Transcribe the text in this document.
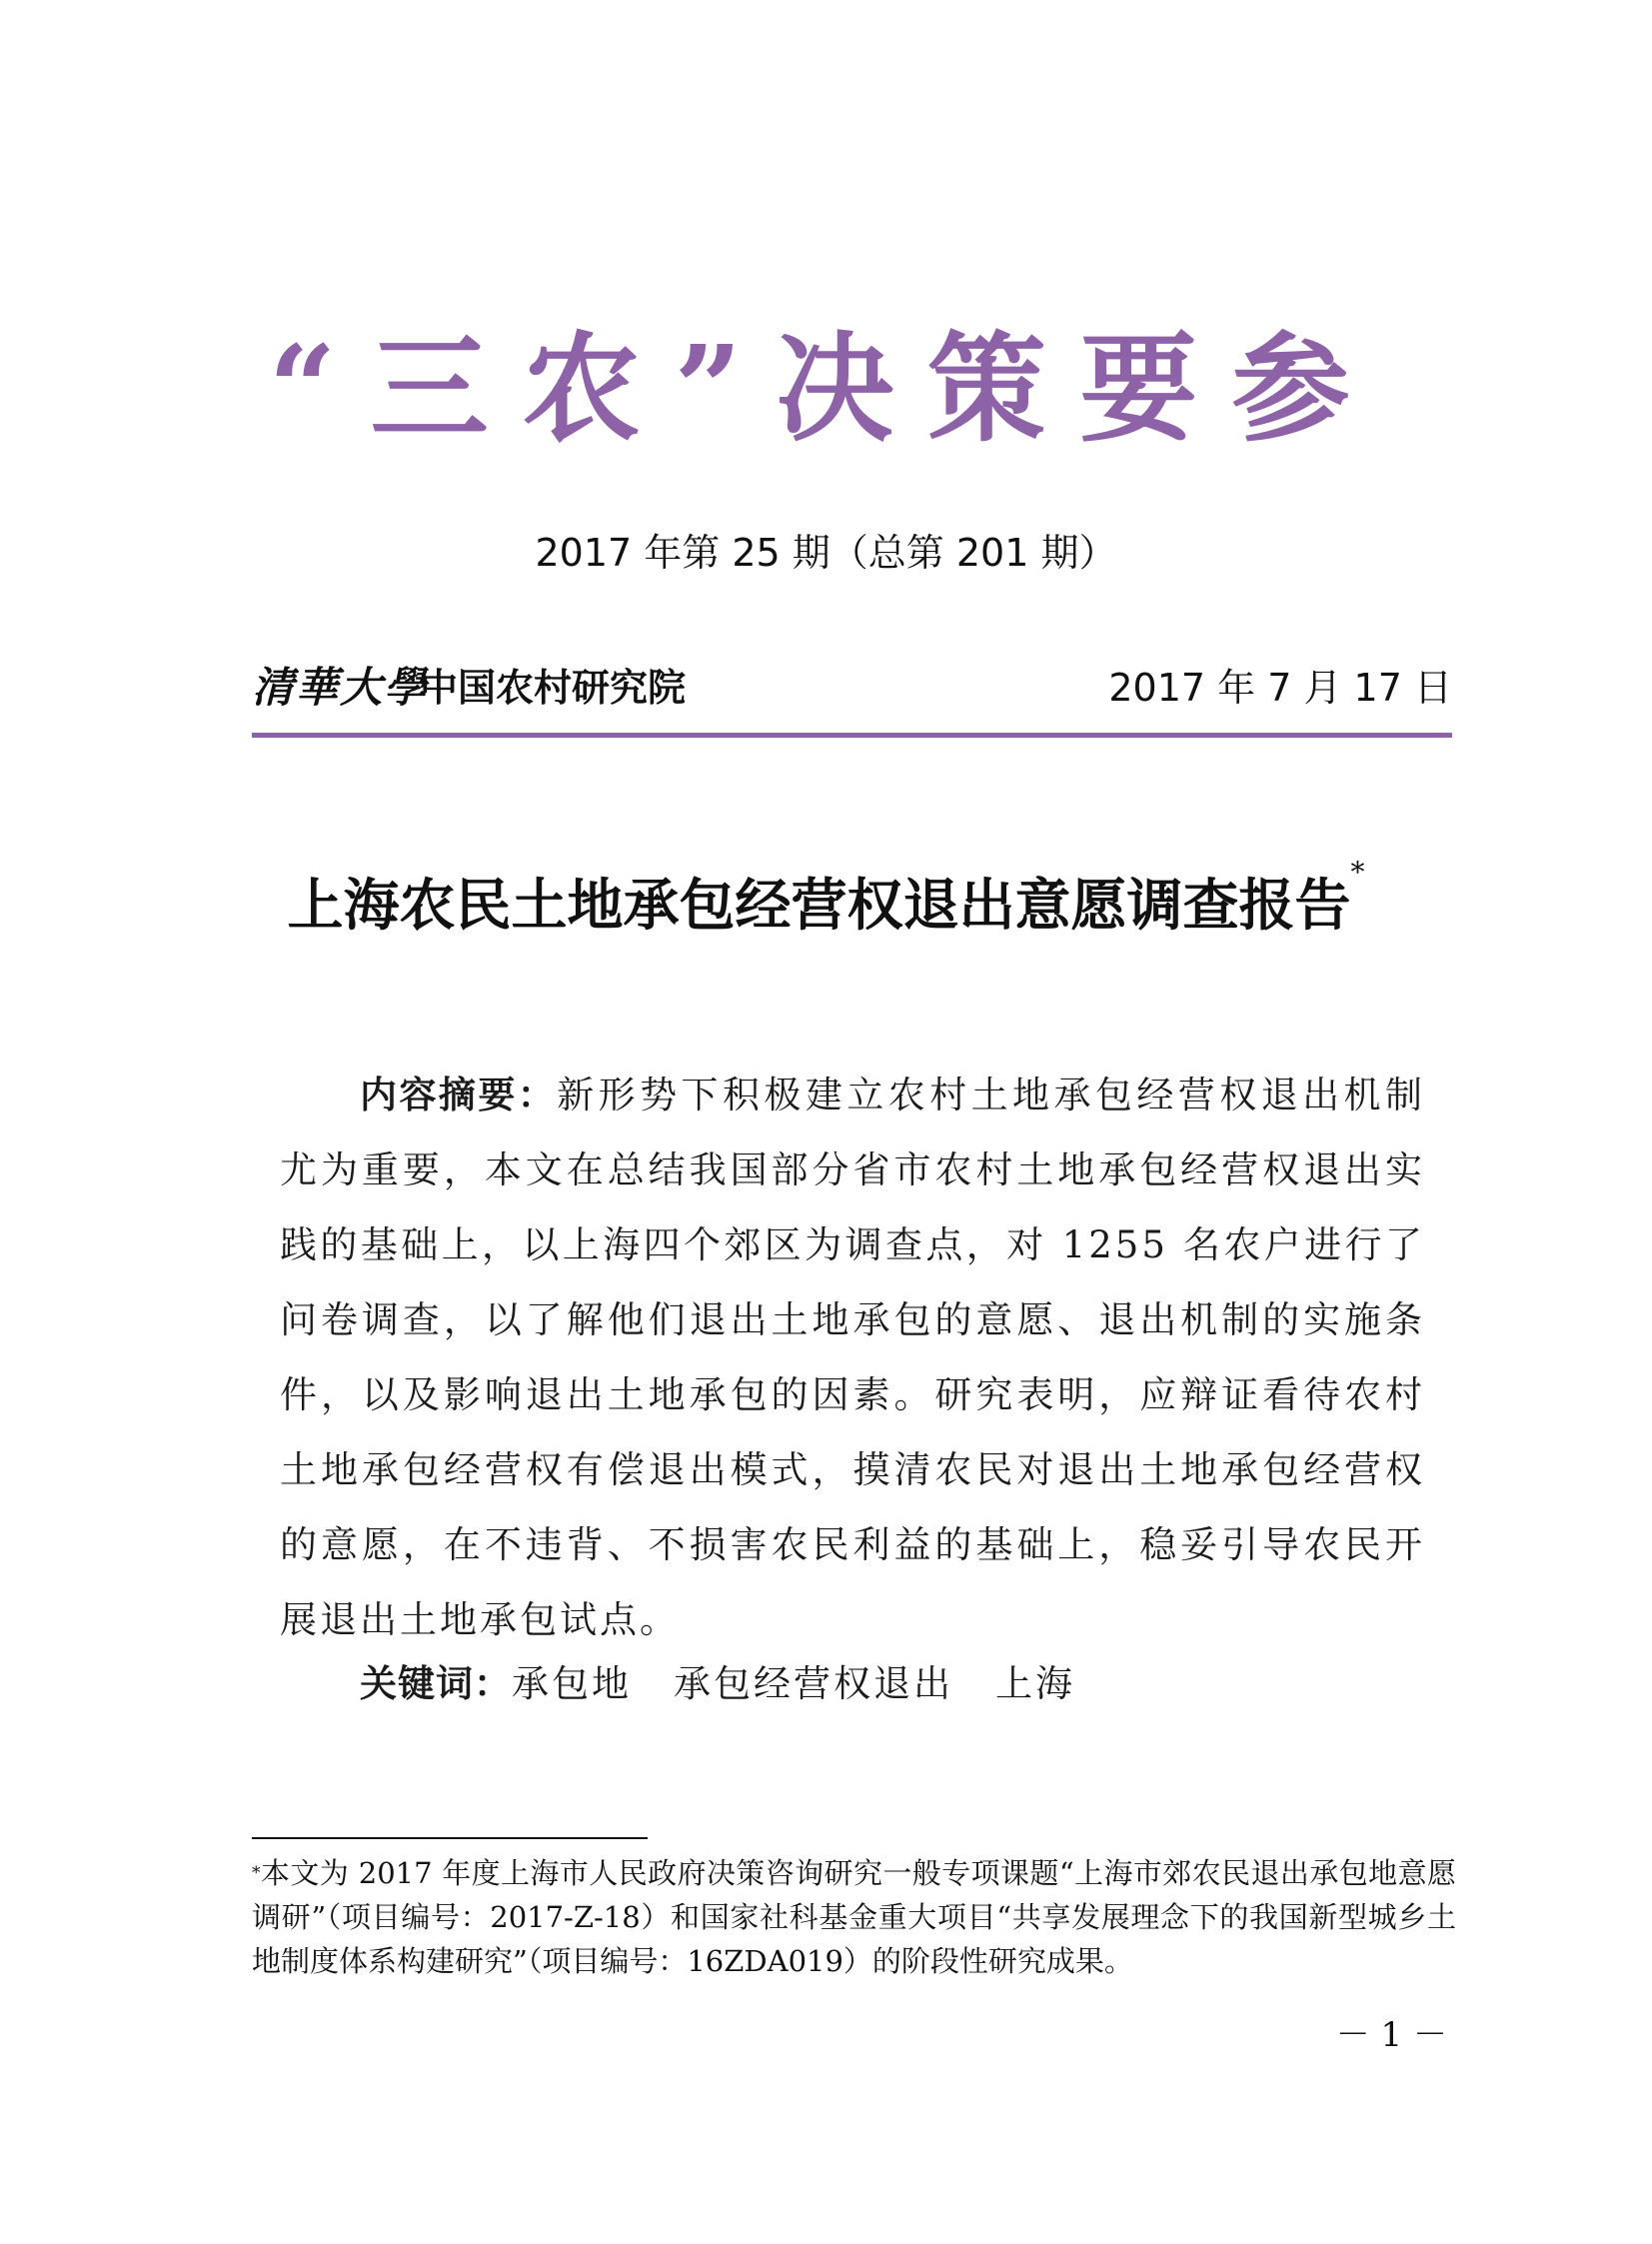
“三农”决策要参
2017 年第 25 期（总第 201 期）
清華大學
中国农村研究院	2017 年 7 月 17 日
上海农民土地承包经营权退出意愿调查报告*

内容摘要：新形势下积极建立农村土地承包经营权退出机制尤为重要，本文在总结我国部分省市农村土地承包经营权退出实践的基础上，以上海四个郊区为调查点，对 1255 名农户进行了问卷调查，以了解他们退出土地承包的意愿、退出机制的实施条件，以及影响退出土地承包的因素。研究表明，应辩证看待农村土地承包经营权有偿退出模式，摸清农民对退出土地承包经营权的意愿，在不违背、不损害农民利益的基础上，稳妥引导农民开展退出土地承包试点。

关键词：承包地 承包经营权退出 上海
*本文为 2017 年度上海市人民政府决策咨询研究一般专项课题“上海市郊农民退出承包地意愿调研”（项目编号：2017-Z-18）和国家社科基金重大项目“共享发展理念下的我国新型城乡土地制度体系构建研究”（项目编号：16ZDA019）的阶段性研究成果。
－ 1 －
